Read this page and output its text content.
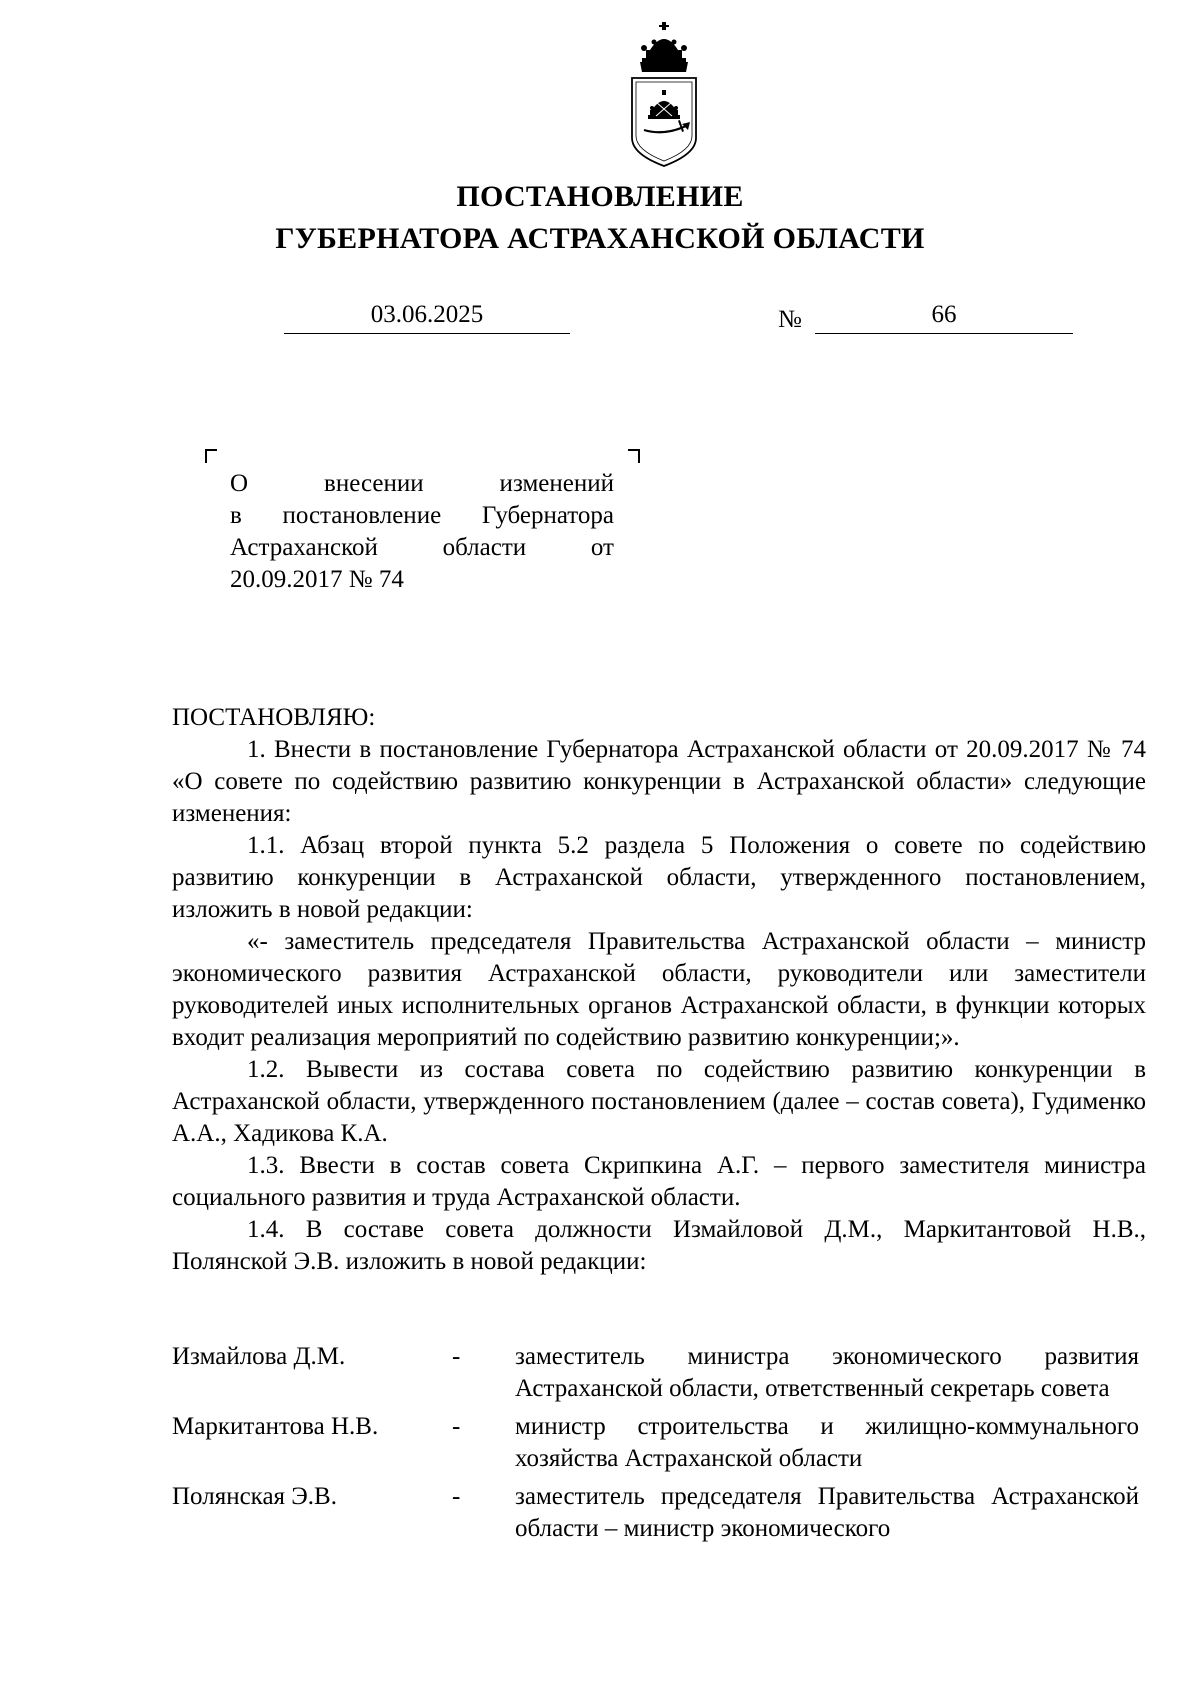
ПОСТАНОВЛЕНИЕ
ГУБЕРНАТОРА АСТРАХАНСКОЙ ОБЛАСТИ
03.06.2025	№	66
О внесении изменений
в постановление Губернатора
Астраханской области от
20.09.2017 № 74

ПОСТАНОВЛЯЮ:

1. Внести в постановление Губернатора Астраханской области от 20.09.2017 № 74 «О совете по содействию развитию конкуренции в Астраханской области» следующие изменения:

1.1. Абзац второй пункта 5.2 раздела 5 Положения о совете по содействию развитию конкуренции в Астраханской области, утвержденного постановлением, изложить в новой редакции:

«- заместитель председателя Правительства Астраханской области – министр экономического развития Астраханской области, руководители или заместители руководителей иных исполнительных органов Астраханской области, в функции которых входит реализация мероприятий по содействию развитию конкуренции;».

1.2. Вывести из состава совета по содействию развитию конкуренции в Астраханской области, утвержденного постановлением (далее – состав совета), Гудименко А.А., Хадикова К.А.

1.3. Ввести в состав совета Скрипкина А.Г. – первого заместителя министра социального развития и труда Астраханской области.

1.4. В составе совета должности Измайловой Д.М., Маркитантовой Н.В., Полянской Э.В. изложить в новой редакции:

Измайлова Д.М.	-	заместитель министра экономического развития Астраханской области, ответственный секретарь совета
Маркитантова Н.В.	-	министр строительства и жилищно-коммунального хозяйства Астраханской области
Полянская Э.В.	-	заместитель председателя Правительства Астраханской области – министр экономического
